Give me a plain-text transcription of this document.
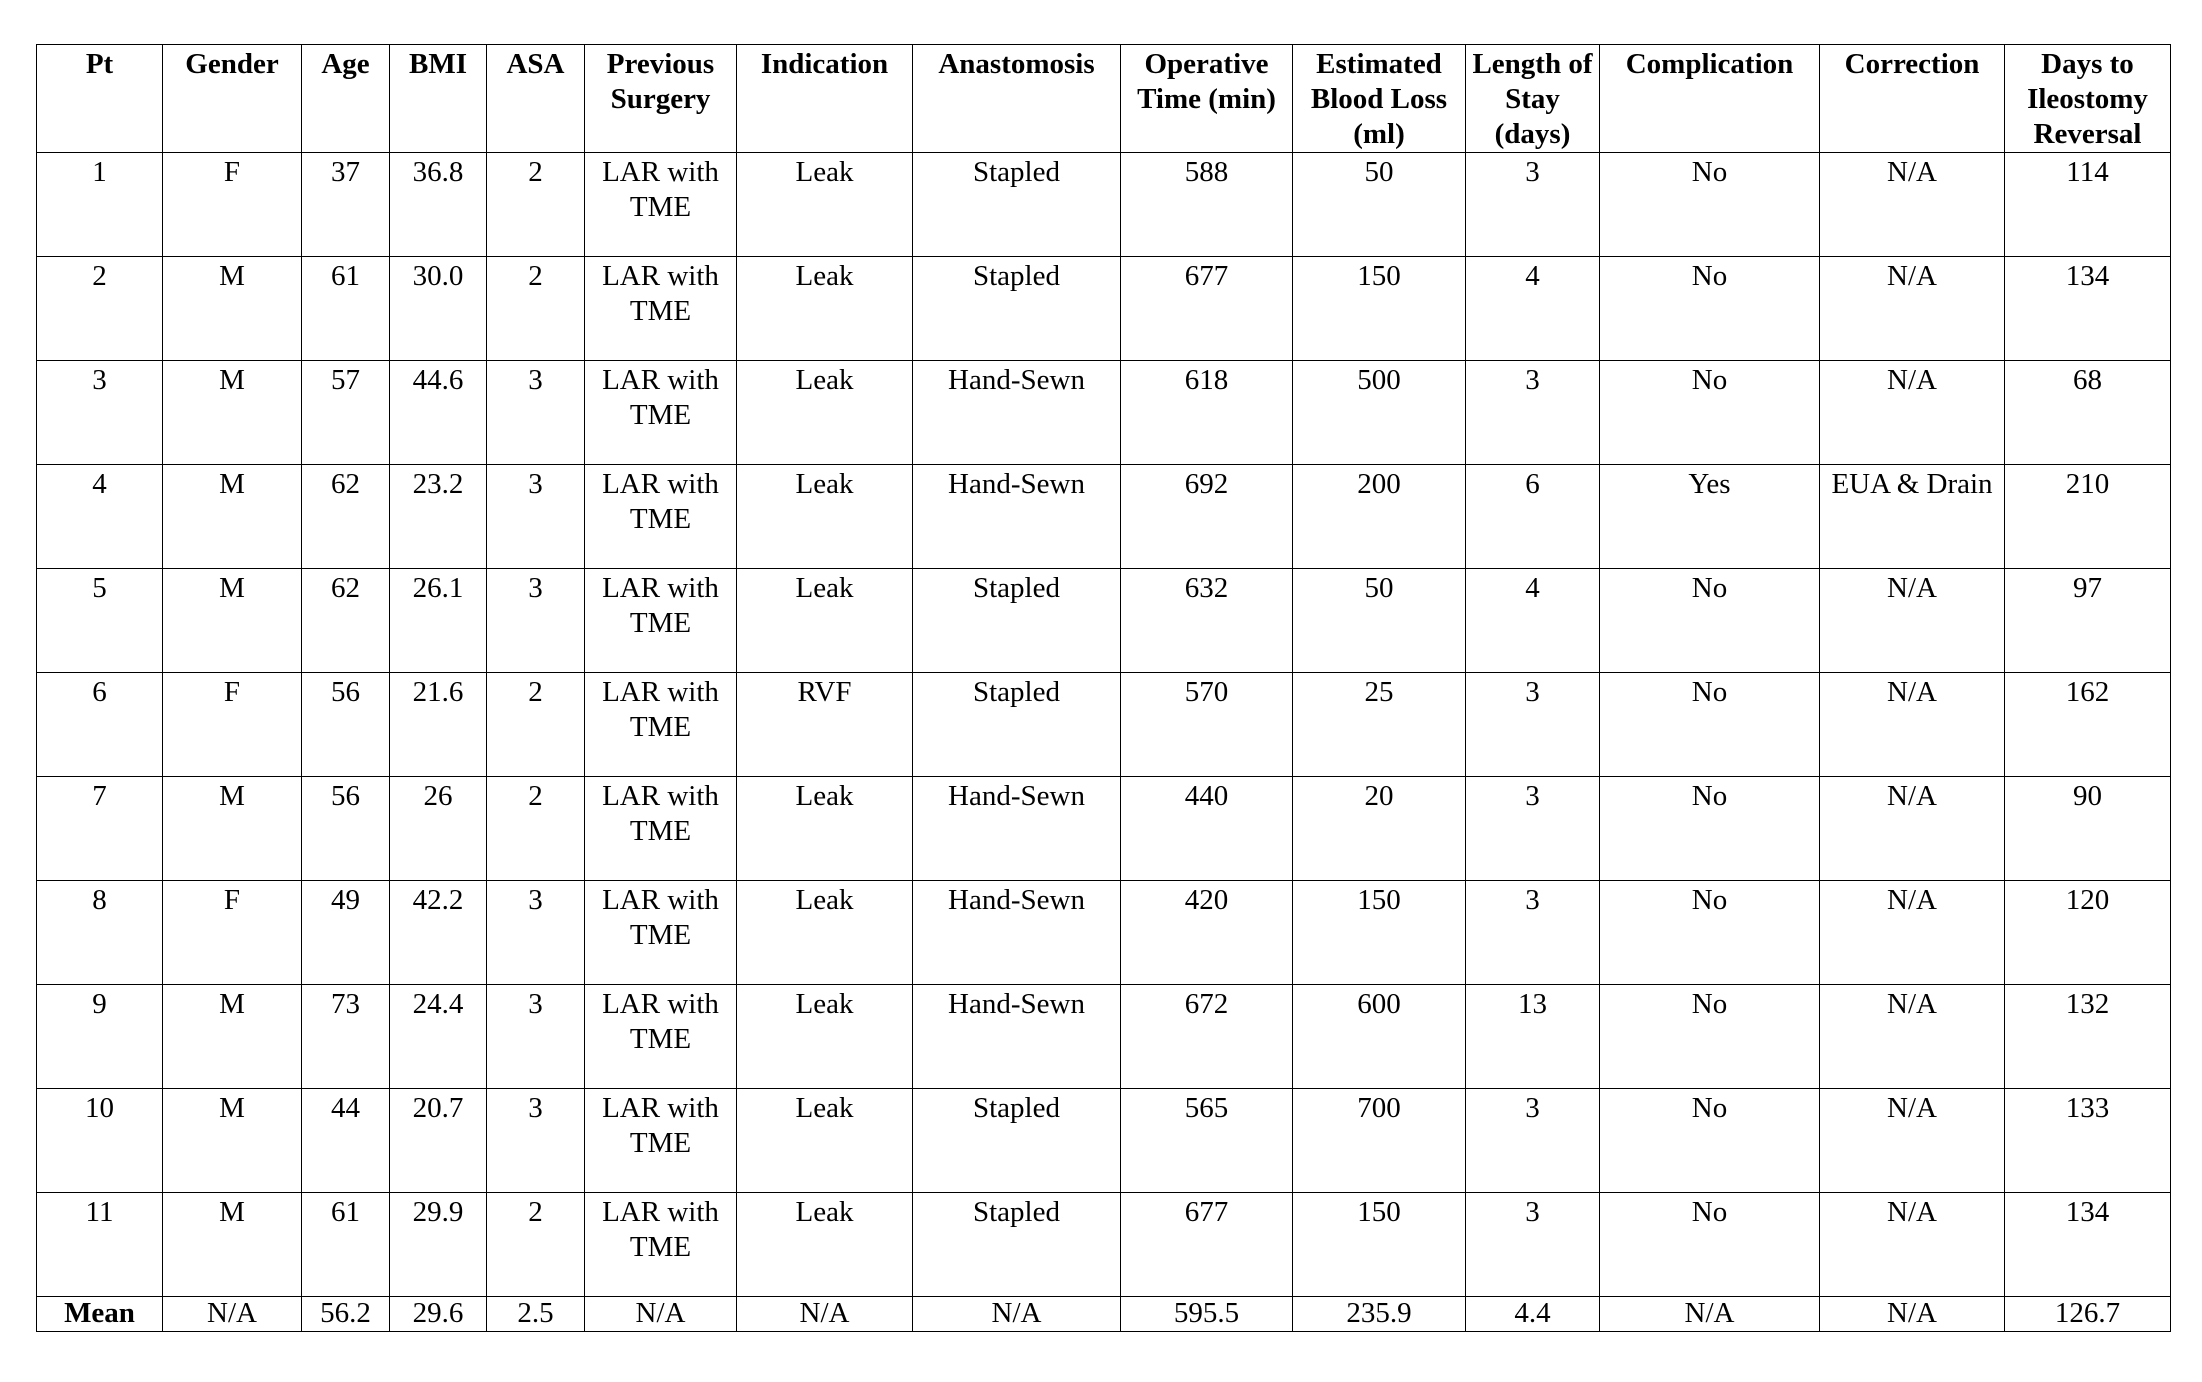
Pt	Gender	Age	BMI	ASA	Previous Surgery	Indication	Anastomosis	Operative Time (min)	Estimated Blood Loss (ml)	Length of Stay (days)	Complication	Correction	Days to Ileostomy Reversal

1	F	37	36.8	2	LAR with TME	Leak	Stapled	588	50	3	No	N/A	114

2	M	61	30.0	2	LAR with TME	Leak	Stapled	677	150	4	No	N/A	134

3	M	57	44.6	3	LAR with TME	Leak	Hand-Sewn	618	500	3	No	N/A	68

4	M	62	23.2	3	LAR with TME	Leak	Hand-Sewn	692	200	6	Yes	EUA & Drain	210

5	M	62	26.1	3	LAR with TME	Leak	Stapled	632	50	4	No	N/A	97

6	F	56	21.6	2	LAR with TME	RVF	Stapled	570	25	3	No	N/A	162

7	M	56	26	2	LAR with TME	Leak	Hand-Sewn	440	20	3	No	N/A	90

8	F	49	42.2	3	LAR with TME	Leak	Hand-Sewn	420	150	3	No	N/A	120

9	M	73	24.4	3	LAR with TME	Leak	Hand-Sewn	672	600	13	No	N/A	132

10	M	44	20.7	3	LAR with TME	Leak	Stapled	565	700	3	No	N/A	133

11	M	61	29.9	2	LAR with TME	Leak	Stapled	677	150	3	No	N/A	134

Mean	N/A	56.2	29.6	2.5	N/A	N/A	N/A	595.5	235.9	4.4	N/A	N/A	126.7
